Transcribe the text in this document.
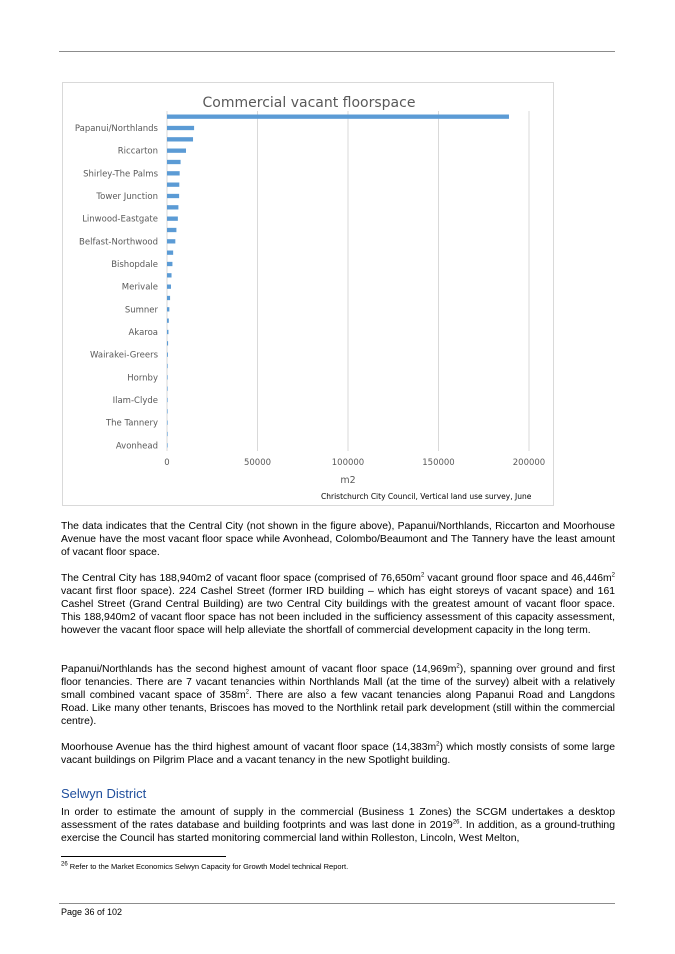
Papanui/Northlands
Riccarton
Shirley-The Palms
Tower Junction
Linwood-Eastgate
Belfast-Northwood
Bishopdale
Merivale
Sumner
Akaroa
Wairakei-Greers
Hornby
Ilam-Clyde
The Tannery
Avonhead
0	50000	100000	150000	200000
Commercial vacant floorspace
m2
Christchurch City Council, Vertical land use survey, June

The data indicates that the Central City (not shown in the figure above), Papanui/Northlands, Riccarton and Moorhouse Avenue have the most vacant floor space while Avonhead, Colombo/Beaumont and The Tannery have the least amount of vacant floor space.

The Central City has 188,940m2 of vacant floor space (comprised of $76,650m^2$ vacant ground floor space and $46,446m^2$ vacant first floor space). 224 Cashel Street (former IRD building – which has eight storeys of vacant space) and 161 Cashel Street (Grand Central Building) are two Central City buildings with the greatest amount of vacant floor space. This 188,940m2 of vacant floor space has not been included in the sufficiency assessment of this capacity assessment, however the vacant floor space will help alleviate the shortfall of commercial development capacity in the long term.

Papanui/Northlands has the second highest amount of vacant floor space $(14,969m^2)$, spanning over ground and first floor tenancies. There are 7 vacant tenancies within Northlands Mall (at the time of the survey) albeit with a relatively small combined vacant space of $358m^2$. There are also a few vacant tenancies along Papanui Road and Langdons Road. Like many other tenants, Briscoes has moved to the Northlink retail park development (still within the commercial centre).

Moorhouse Avenue has the third highest amount of vacant floor space $(14,383m^2)$ which mostly consists of some large vacant buildings on Pilgrim Place and a vacant tenancy in the new Spotlight building.

Selwyn District

In order to estimate the amount of supply in the commercial (Business 1 Zones) the SCGM undertakes a desktop assessment of the rates database and building footprints and was last done in 2019$^{26}$. In addition, as a ground-truthing exercise the Council has started monitoring commercial land within Rolleston, Lincoln, West Melton,

$^{26}$ Refer to the Market Economics Selwyn Capacity for Growth Model technical Report.

Page 36 of 102
